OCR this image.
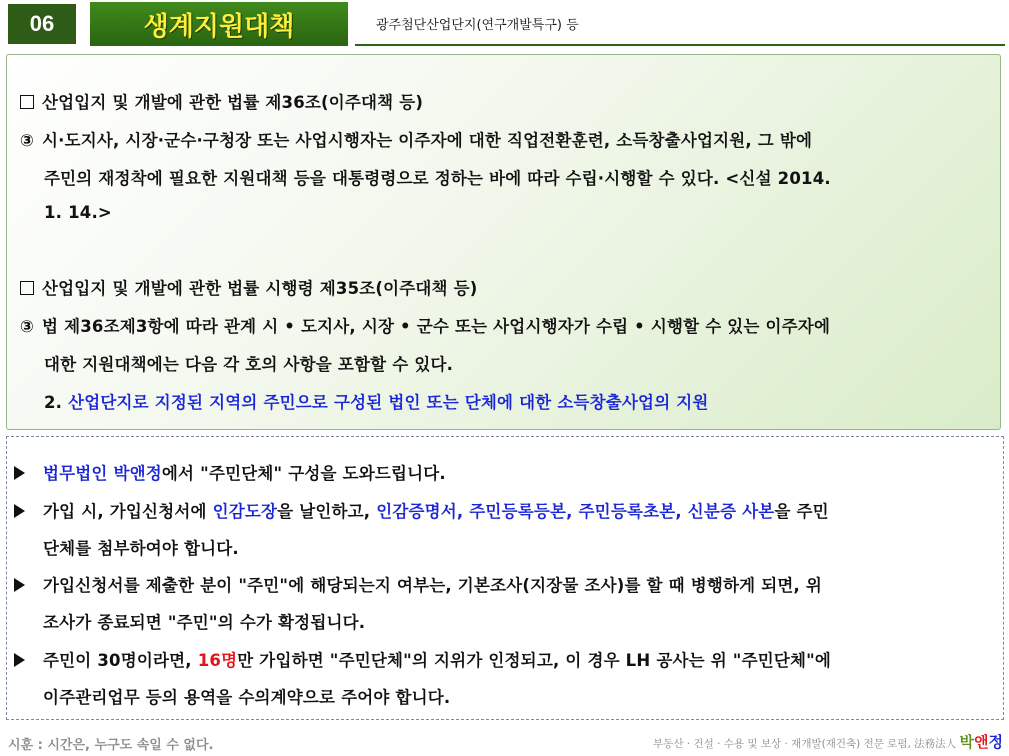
06	생계지원대책	광주첨단산업단지(연구개발특구) 등
산업입지 및 개발에 관한 법률 제36조(이주대책 등)
③ 시·도지사, 시장·군수·구청장 또는 사업시행자는 이주자에 대한 직업전환훈련, 소득창출사업지원, 그 밖에
주민의 재정착에 필요한 지원대책 등을 대통령령으로 정하는 바에 따라 수립·시행할 수 있다. <신설 2014.
1. 14.>
산업입지 및 개발에 관한 법률 시행령 제35조(이주대책 등)
③ 법 제36조제3항에 따라 관계 시 • 도지사, 시장 • 군수 또는 사업시행자가 수립 • 시행할 수 있는 이주자에
대한 지원대책에는 다음 각 호의 사항을 포함할 수 있다.
2. 산업단지로 지정된 지역의 주민으로 구성된 법인 또는 단체에 대한 소득창출사업의 지원
법무법인 박앤정에서 "주민단체" 구성을 도와드립니다.
가입 시, 가입신청서에 인감도장을 날인하고, 인감증명서, 주민등록등본, 주민등록초본, 신분증 사본을 주민
단체를 첨부하여야 합니다.
가입신청서를 제출한 분이 "주민"에 해당되는지 여부는, 기본조사(지장물 조사)를 할 때 병행하게 되면, 위
조사가 종료되면 "주민"의 수가 확정됩니다.
주민이 30명이라면, 16명만 가입하면 "주민단체"의 지위가 인정되고, 이 경우 LH 공사는 위 "주민단체"에
이주관리업무 등의 용역을 수의계약으로 주어야 합니다.
시훈 : 시간은, 누구도 속일 수 없다.	부동산 · 건설 · 수용 및 보상 · 재개발(재건축) 전문 로펌, 法務法人 박앤정
